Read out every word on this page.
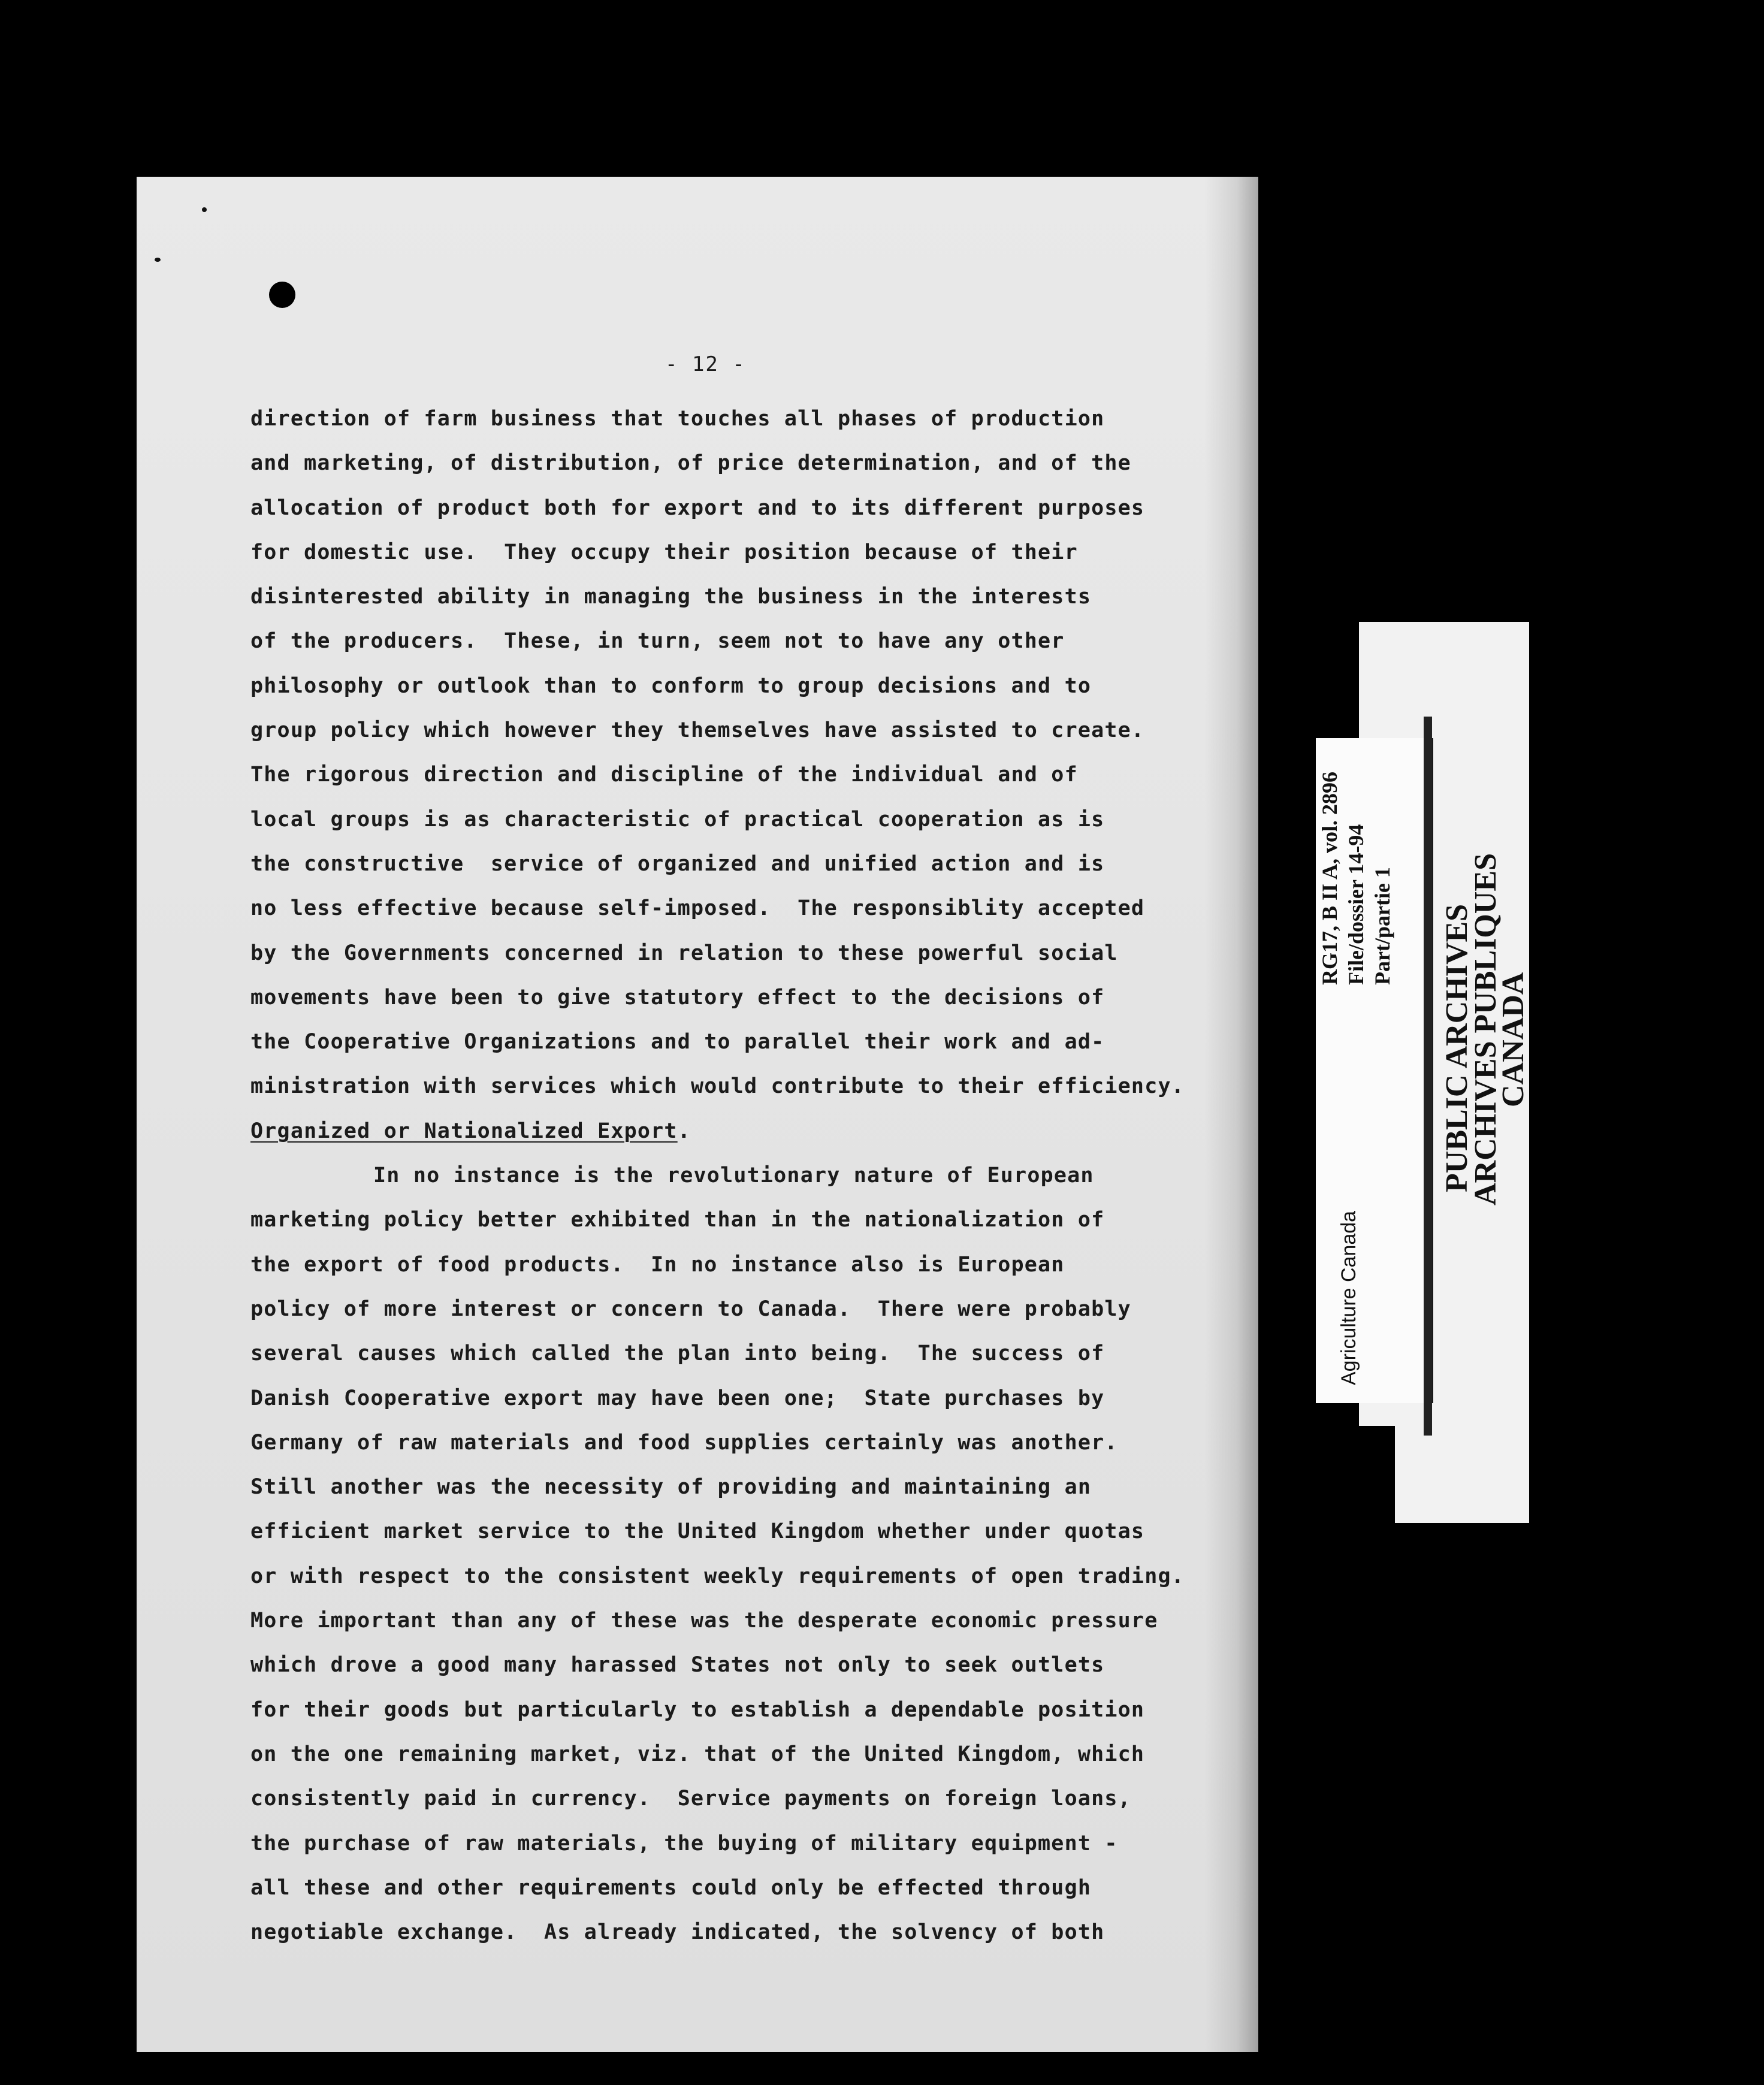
- 12 -
direction of farm business that touches all phases of production
and marketing, of distribution, of price determination, and of the
allocation of product both for export and to its different purposes
for domestic use.  They occupy their position because of their
disinterested ability in managing the business in the interests
of the producers.  These, in turn, seem not to have any other
philosophy or outlook than to conform to group decisions and to
group policy which however they themselves have assisted to create.
The rigorous direction and discipline of the individual and of
local groups is as characteristic of practical cooperation as is
the constructive  service of organized and unified action and is
no less effective because self-imposed.  The responsiblity accepted
by the Governments concerned in relation to these powerful social
movements have been to give statutory effect to the decisions of
the Cooperative Organizations and to parallel their work and ad-
ministration with services which would contribute to their efficiency.
Organized or Nationalized Export.
In no instance is the revolutionary nature of European
marketing policy better exhibited than in the nationalization of
the export of food products.  In no instance also is European
policy of more interest or concern to Canada.  There were probably
several causes which called the plan into being.  The success of
Danish Cooperative export may have been one;  State purchases by
Germany of raw materials and food supplies certainly was another.
Still another was the necessity of providing and maintaining an
efficient market service to the United Kingdom whether under quotas
or with respect to the consistent weekly requirements of open trading.
More important than any of these was the desperate economic pressure
which drove a good many harassed States not only to seek outlets
for their goods but particularly to establish a dependable position
on the one remaining market, viz. that of the United Kingdom, which
consistently paid in currency.  Service payments on foreign loans,
the purchase of raw materials, the buying of military equipment -
all these and other requirements could only be effected through
negotiable exchange.  As already indicated, the solvency of both
Agriculture Canada
RG17, B II A, vol. 2896 File/dossier 14-94 Part/partie 1 PUBLIC ARCHIVES
ARCHIVES PUBLIQUES
CANADA
